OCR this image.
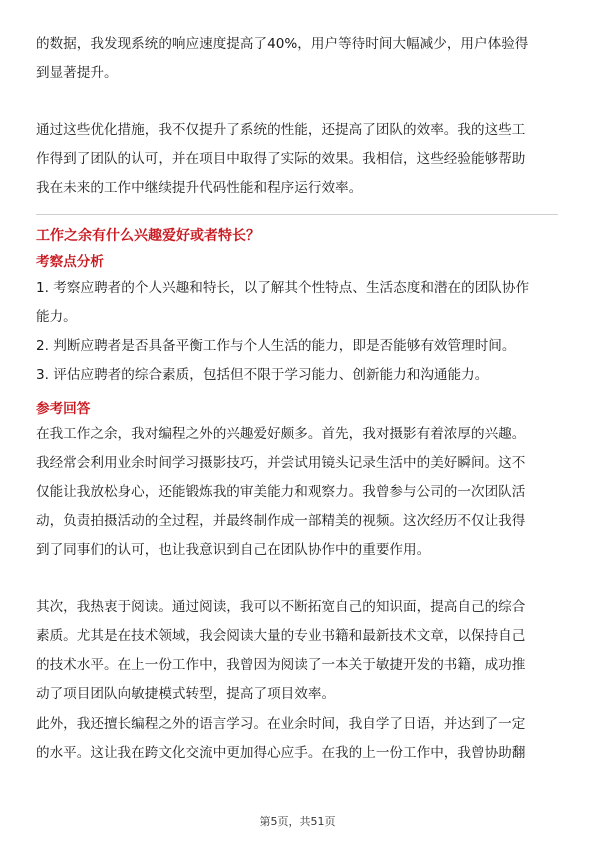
的数据，我发现系统的响应速度提高了40%，用户等待时间大幅减少，用户体验得
到显著提升。

通过这些优化措施，我不仅提升了系统的性能，还提高了团队的效率。我的这些工
作得到了团队的认可，并在项目中取得了实际的效果。我相信，这些经验能够帮助
我在未来的工作中继续提升代码性能和程序运行效率。

工作之余有什么兴趣爱好或者特长？
考察点分析

1. 考察应聘者的个人兴趣和特长，以了解其个性特点、生活态度和潜在的团队协作
能力。
2. 判断应聘者是否具备平衡工作与个人生活的能力，即是否能够有效管理时间。
3. 评估应聘者的综合素质，包括但不限于学习能力、创新能力和沟通能力。

参考回答

在我工作之余，我对编程之外的兴趣爱好颇多。首先，我对摄影有着浓厚的兴趣。
我经常会利用业余时间学习摄影技巧，并尝试用镜头记录生活中的美好瞬间。这不
仅能让我放松身心，还能锻炼我的审美能力和观察力。我曾参与公司的一次团队活
动，负责拍摄活动的全过程，并最终制作成一部精美的视频。这次经历不仅让我得
到了同事们的认可，也让我意识到自己在团队协作中的重要作用。

其次，我热衷于阅读。通过阅读，我可以不断拓宽自己的知识面，提高自己的综合
素质。尤其是在技术领域，我会阅读大量的专业书籍和最新技术文章，以保持自己
的技术水平。在上一份工作中，我曾因为阅读了一本关于敏捷开发的书籍，成功推
动了项目团队向敏捷模式转型，提高了项目效率。

此外，我还擅长编程之外的语言学习。在业余时间，我自学了日语，并达到了一定
的水平。这让我在跨文化交流中更加得心应手。在我的上一份工作中，我曾协助翻

第5页，共51页
